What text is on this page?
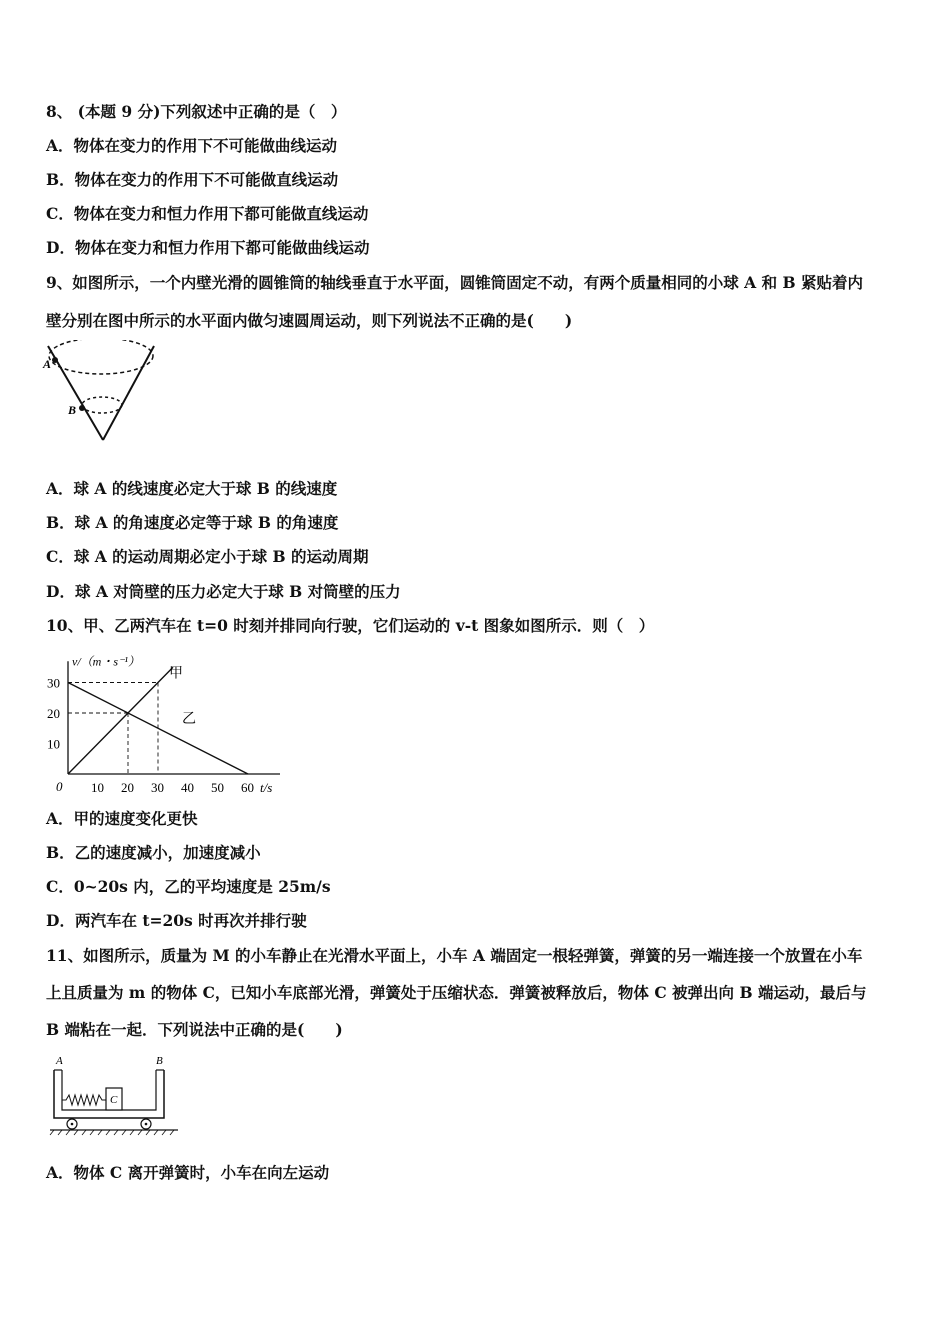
8、 (本题 9 分)下列叙述中正确的是（　）
A．物体在变力的作用下不可能做曲线运动
B．物体在变力的作用下不可能做直线运动
C．物体在变力和恒力作用下都可能做直线运动
D．物体在变力和恒力作用下都可能做曲线运动
9、如图所示，一个内壁光滑的圆锥筒的轴线垂直于水平面，圆锥筒固定不动，有两个质量相同的小球 A 和 B 紧贴着内
壁分别在图中所示的水平面内做匀速圆周运动，则下列说法不正确的是(　　)
A
B
A．球 A 的线速度必定大于球 B 的线速度
B．球 A 的角速度必定等于球 B 的角速度
C．球 A 的运动周期必定小于球 B 的运动周期
D．球 A 对筒壁的压力必定大于球 B 对筒壁的压力
10、甲、乙两汽车在 t=0 时刻并排同向行驶，它们运动的 v-t 图象如图所示．则（　）
甲
乙
10 20 30 40 50 60
10
20
30
0
v/（m・s⁻¹）
t/s
A．甲的速度变化更快
B．乙的速度减小，加速度减小
C．0~20s 内，乙的平均速度是 25m/s
D．两汽车在 t=20s 时再次并排行驶
11、如图所示，质量为 M 的小车静止在光滑水平面上，小车 A 端固定一根轻弹簧，弹簧的另一端连接一个放置在小车
上且质量为 m 的物体 C，已知小车底部光滑，弹簧处于压缩状态．弹簧被释放后，物体 C 被弹出向 B 端运动，最后与
B 端粘在一起．下列说法中正确的是(　　)
A	B
C
A．物体 C 离开弹簧时，小车在向左运动
